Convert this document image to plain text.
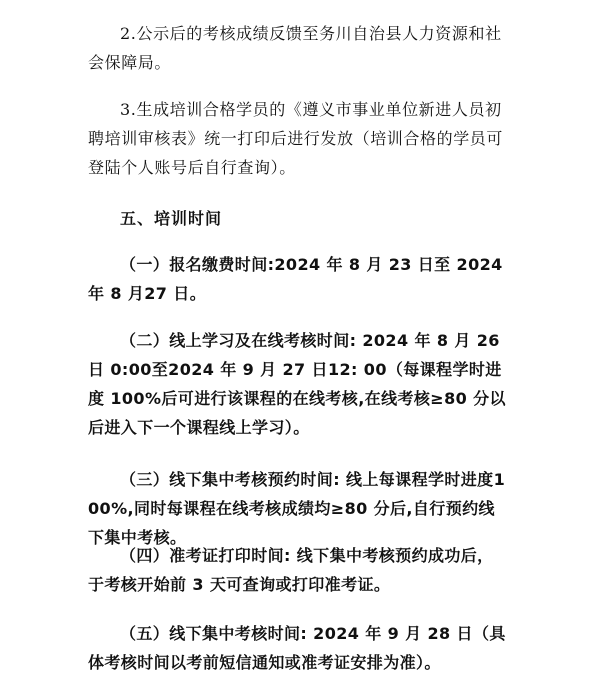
2.公示后的考核成绩反馈至务川自治县人力资源和社会保障局。

3.生成培训合格学员的《遵义市事业单位新进人员初聘培训审核表》统一打印后进行发放（培训合格的学员可登陆个人账号后自行查询）。

五、培训时间

（一）报名缴费时间:2024 年 8 月 23 日至 2024 年 8 月27 日。

（二）线上学习及在线考核时间: 2024 年 8 月 26 日 0:00至2024 年 9 月 27 日12: 00（每课程学时进度 100%后可进行该课程的在线考核,在线考核≥80 分以后进入下一个课程线上学习）。

（三）线下集中考核预约时间: 线上每课程学时进度100%,同时每课程在线考核成绩均≥80 分后,自行预约线下集中考核。

（四）准考证打印时间: 线下集中考核预约成功后， 于考核开始前 3 天可查询或打印准考证。

（五）线下集中考核时间: 2024 年 9 月 28 日（具体考核时间以考前短信通知或准考证安排为准）。
